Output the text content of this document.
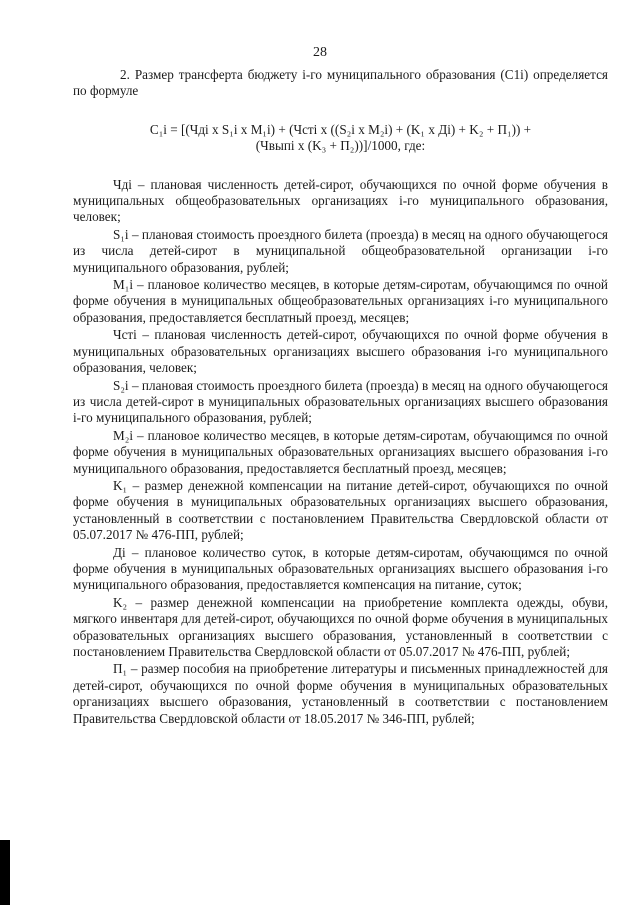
28

2. Размер трансферта бюджету i-го муниципального образования (C1i) определяется по формуле

C₁i = [(Чдi x S₁i x M₁i) + (Чстi x ((S₂i x M₂i) + (K₁ x Дi) + K₂ + П₁)) +
(Чвыпi x (K₃ + П₂))]/1000, где:

Чдi – плановая численность детей-сирот, обучающихся по очной форме обучения в муниципальных общеобразовательных организациях i-го муниципального образования, человек;

S₁i – плановая стоимость проездного билета (проезда) в месяц на одного обучающегося из числа детей-сирот в муниципальной общеобразовательной организации i-го муниципального образования, рублей;

M₁i – плановое количество месяцев, в которые детям-сиротам, обучающимся по очной форме обучения в муниципальных общеобразовательных организациях i-го муниципального образования, предоставляется бесплатный проезд, месяцев;

Чстi – плановая численность детей-сирот, обучающихся по очной форме обучения в муниципальных образовательных организациях высшего образования i-го муниципального образования, человек;

S₂i – плановая стоимость проездного билета (проезда) в месяц на одного обучающегося из числа детей-сирот в муниципальных образовательных организациях высшего образования i-го муниципального образования, рублей;

M₂i – плановое количество месяцев, в которые детям-сиротам, обучающимся по очной форме обучения в муниципальных образовательных организациях высшего образования i-го муниципального образования, предоставляется бесплатный проезд, месяцев;

K₁ – размер денежной компенсации на питание детей-сирот, обучающихся по очной форме обучения в муниципальных образовательных организациях высшего образования, установленный в соответствии с постановлением Правительства Свердловской области от 05.07.2017 № 476-ПП, рублей;

Дi – плановое количество суток, в которые детям-сиротам, обучающимся по очной форме обучения в муниципальных образовательных организациях высшего образования i-го муниципального образования, предоставляется компенсация на питание, суток;

K₂ – размер денежной компенсации на приобретение комплекта одежды, обуви, мягкого инвентаря для детей-сирот, обучающихся по очной форме обучения в муниципальных образовательных организациях высшего образования, установленный в соответствии с постановлением Правительства Свердловской области от 05.07.2017 № 476-ПП, рублей;

П₁ – размер пособия на приобретение литературы и письменных принадлежностей для детей-сирот, обучающихся по очной форме обучения в муниципальных образовательных организациях высшего образования, установленный в соответствии с постановлением Правительства Свердловской области от 18.05.2017 № 346-ПП, рублей;
